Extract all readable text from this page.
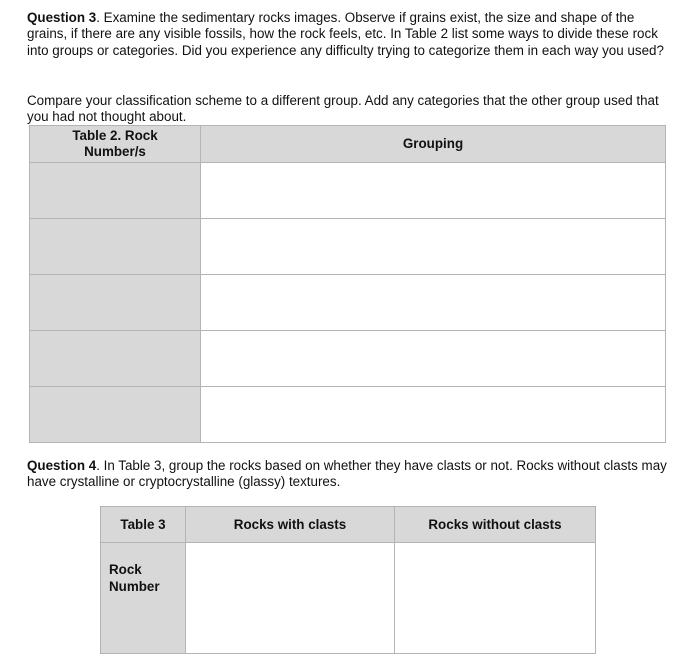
Question 3. Examine the sedimentary rocks images. Observe if grains exist, the size and shape of the grains, if there are any visible fossils, how the rock feels, etc. In Table 2 list some ways to divide these rock into groups or categories. Did you experience any difficulty trying to categorize them in each way you used?

Compare your classification scheme to a different group. Add any categories that the other group used that you had not thought about.

Table 2. Rock
Number/s	Grouping

Question 4. In Table 3, group the rocks based on whether they have clasts or not. Rocks without clasts may have crystalline or cryptocrystalline (glassy) textures.

Table 3	Rocks with clasts	Rocks without clasts

Rock
Number		
